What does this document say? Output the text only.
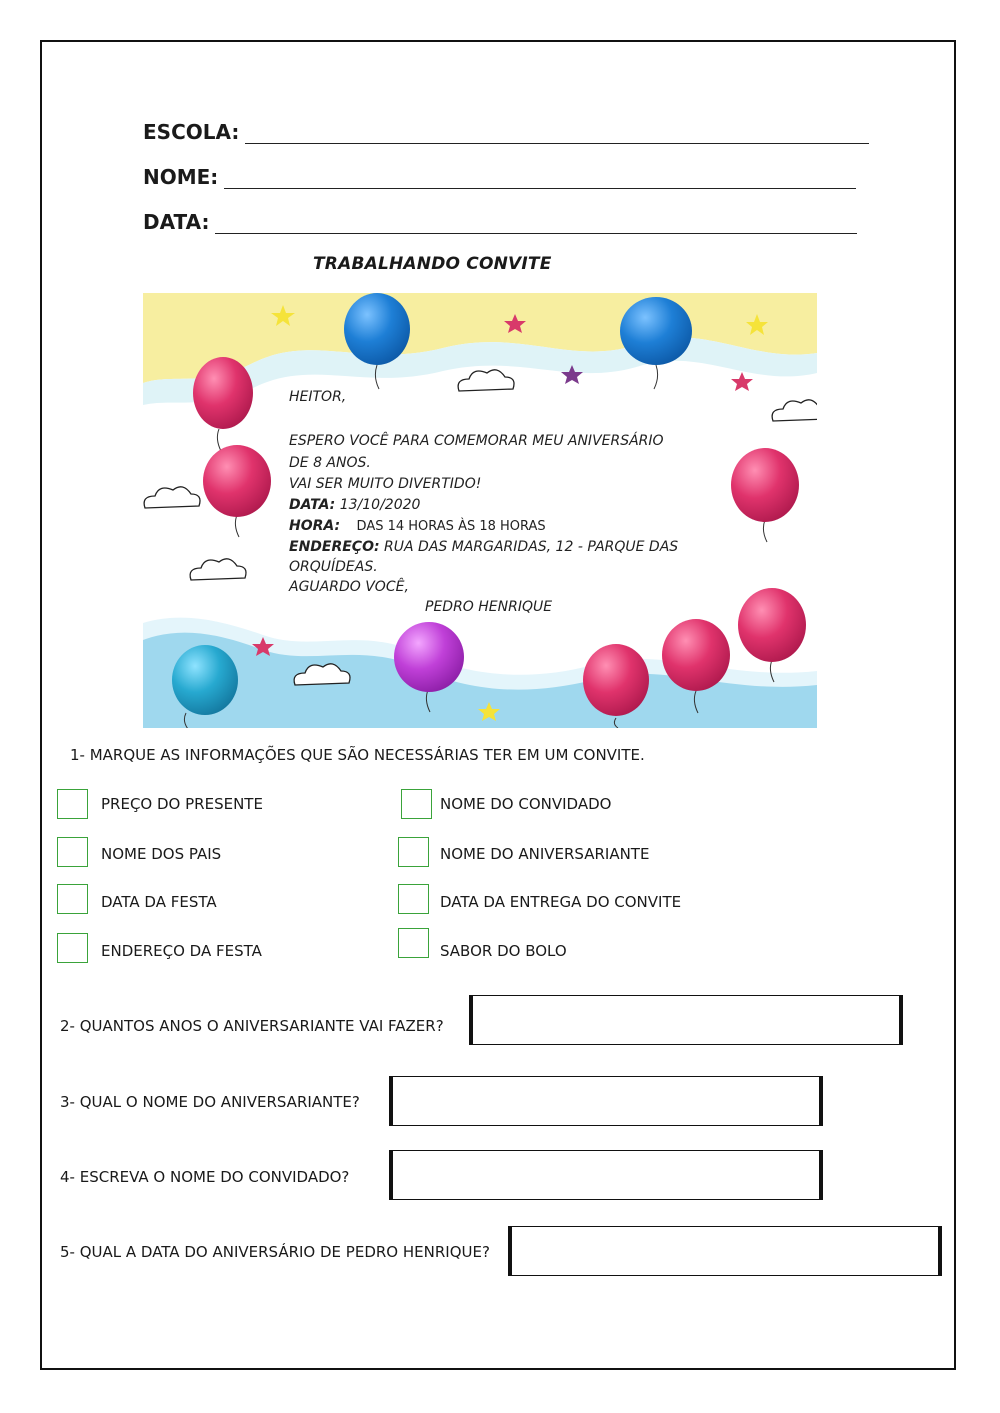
ESCOLA:
NOME:
DATA:
TRABALHANDO CONVITE
HEITOR,
ESPERO VOCÊ PARA COMEMORAR MEU ANIVERSÁRIO
DE 8 ANOS.
VAI SER MUITO DIVERTIDO!
DATA: 13/10/2020
HORA: DAS 14 HORAS ÀS 18 HORAS
ENDEREÇO: RUA DAS MARGARIDAS, 12 - PARQUE DAS
ORQUÍDEAS.
AGUARDO VOCÊ,
PEDRO HENRIQUE
1- MARQUE AS INFORMAÇÕES QUE SÃO NECESSÁRIAS TER EM UM CONVITE.
PREÇO DO PRESENTE
NOME DOS PAIS
DATA DA FESTA
ENDEREÇO DA FESTA
NOME DO CONVIDADO
NOME DO ANIVERSARIANTE
DATA DA ENTREGA DO CONVITE
SABOR DO BOLO
2- QUANTOS ANOS O ANIVERSARIANTE VAI FAZER?
3- QUAL O NOME DO ANIVERSARIANTE?
4- ESCREVA O NOME DO CONVIDADO?
5- QUAL A DATA DO ANIVERSÁRIO DE PEDRO HENRIQUE?
